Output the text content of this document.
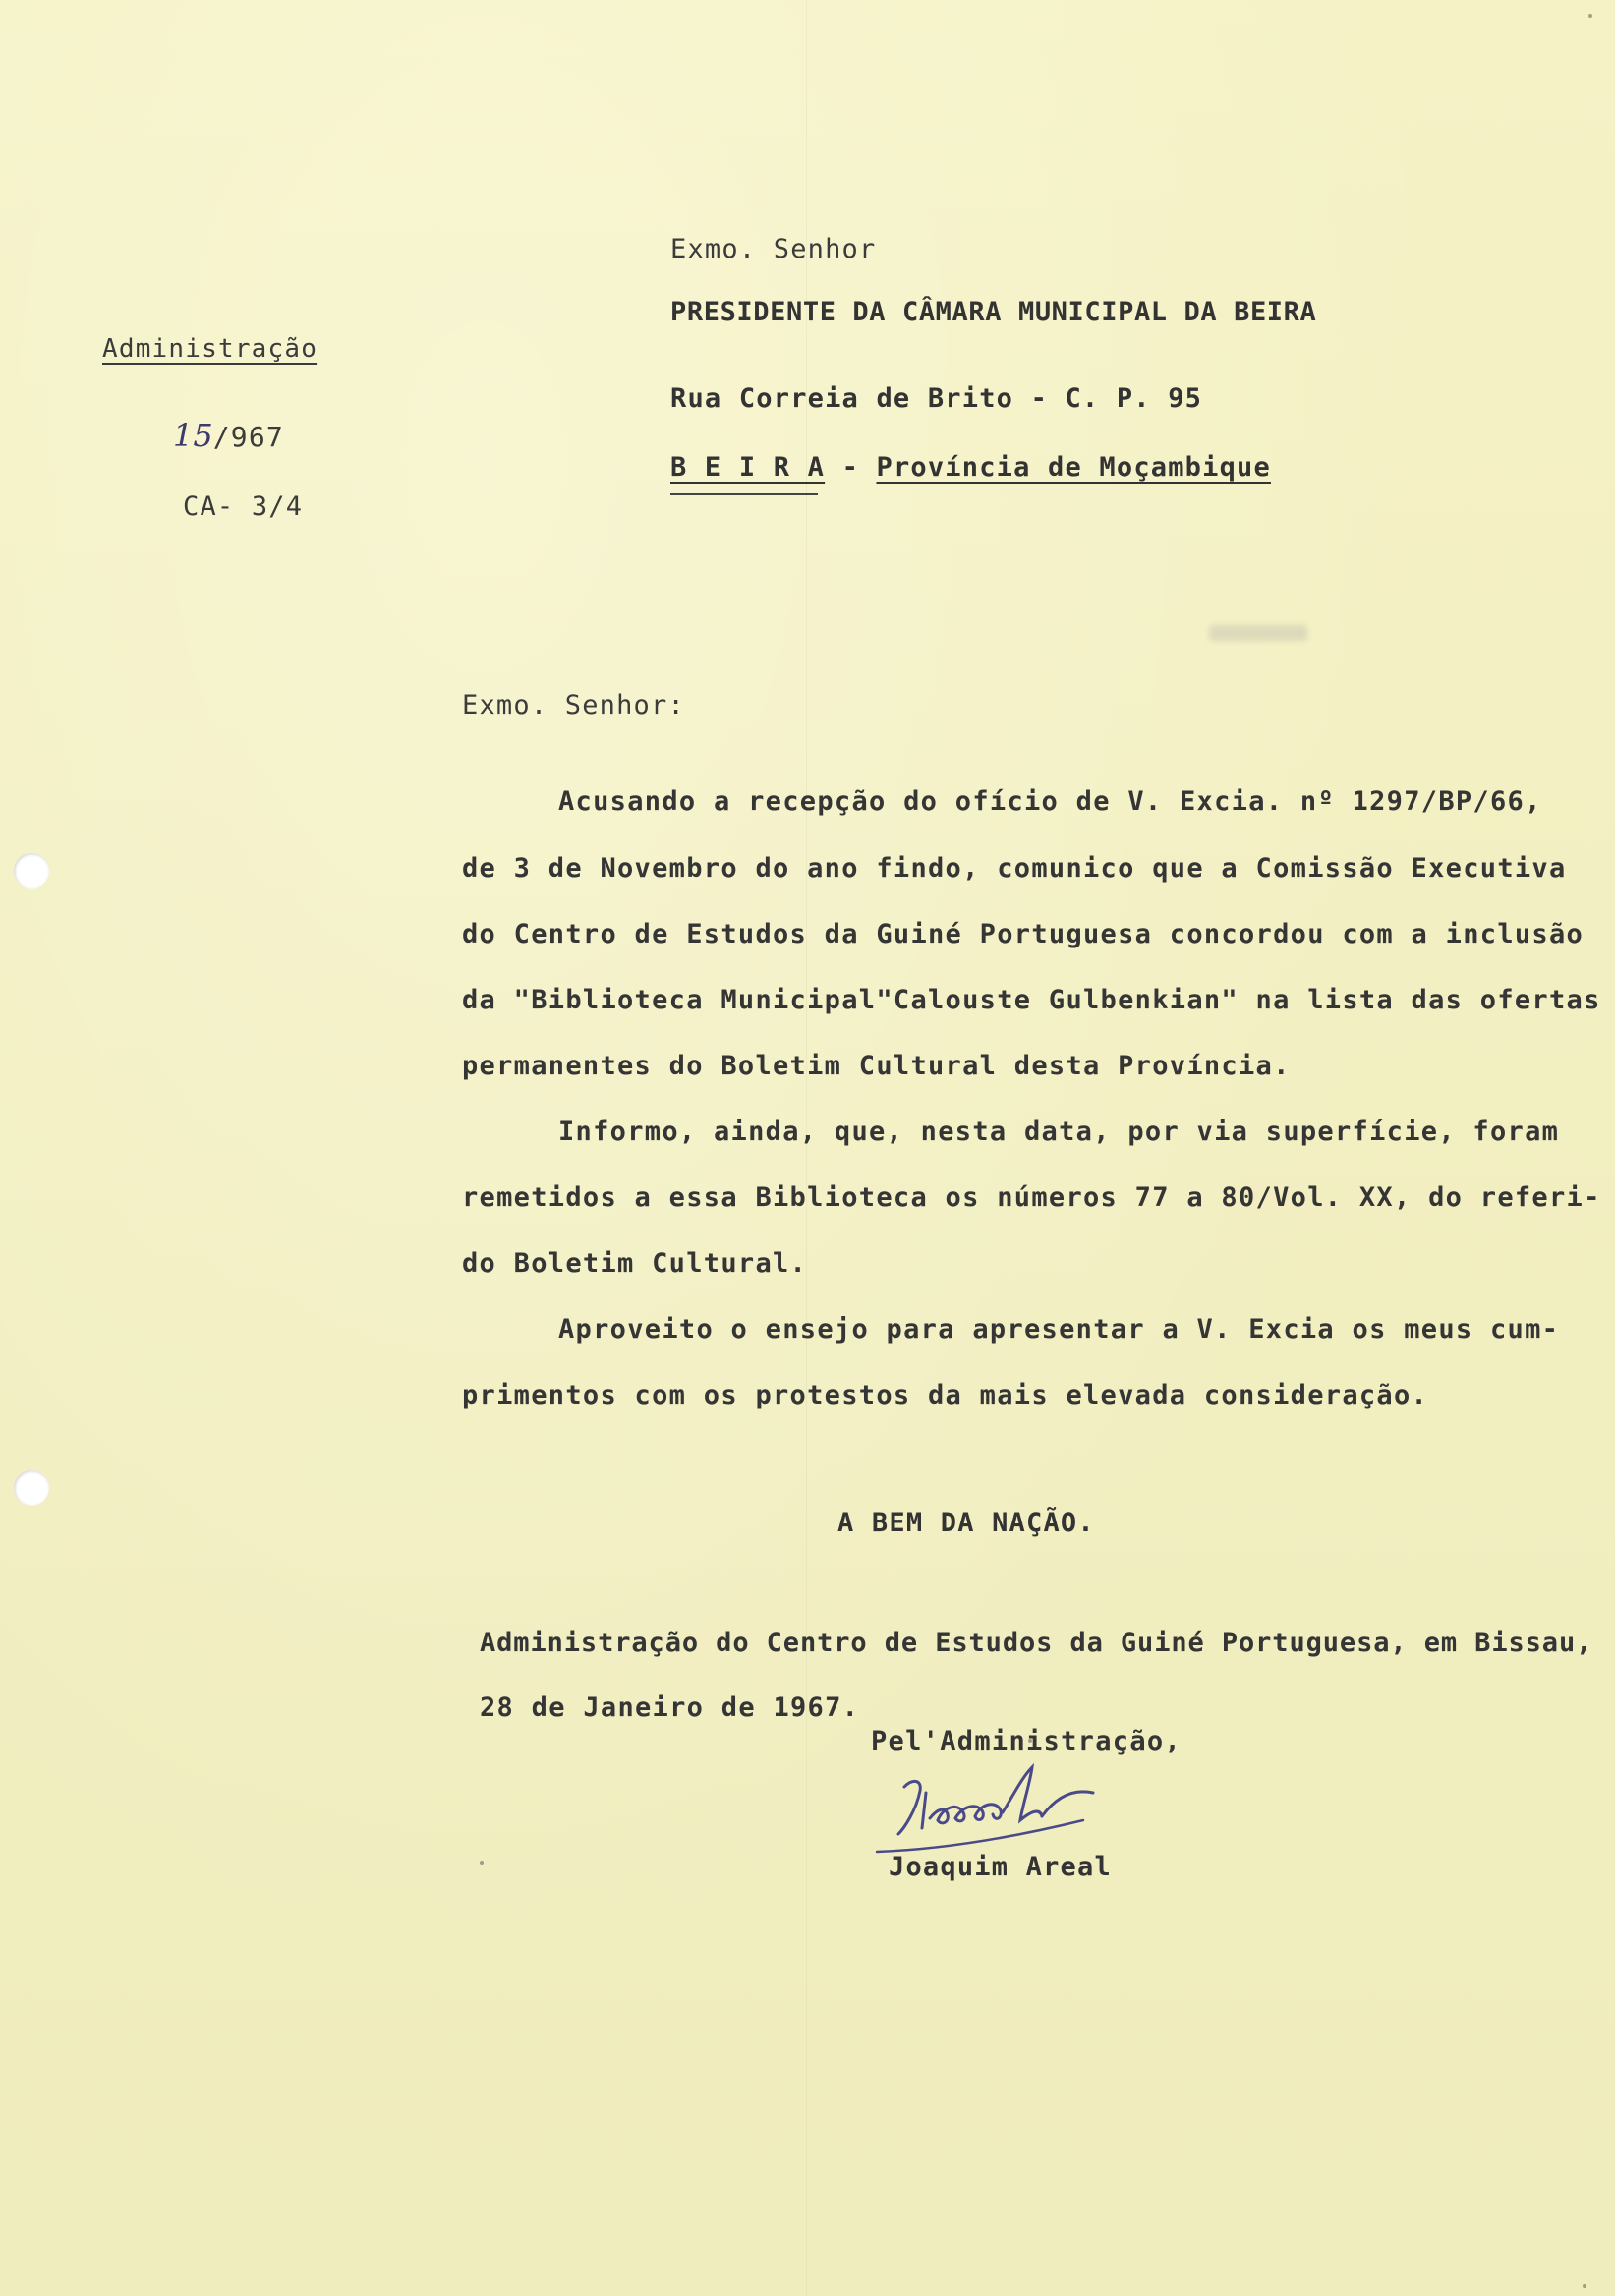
Exmo. Senhor
PRESIDENTE DA CÂMARA MUNICIPAL DA BEIRA
Rua Correia de Brito - C. P. 95
B E I R A - Província de Moçambique
Administração
15/967
CA- 3/4
Exmo. Senhor:
Acusando a recepção do ofício de V. Excia. nº 1297/BP/66,
de 3 de Novembro do ano findo, comunico que a Comissão Executiva
do Centro de Estudos da Guiné Portuguesa concordou com a inclusão
da "Biblioteca Municipal"Calouste Gulbenkian" na lista das ofertas
permanentes do Boletim Cultural desta Província.
Informo, ainda, que, nesta data, por via superfície, foram
remetidos a essa Biblioteca os números 77 a 80/Vol. XX, do referi-
do Boletim Cultural.
Aproveito o ensejo para apresentar a V. Excia os meus cum-
primentos com os protestos da mais elevada consideração.
A BEM DA NAÇÃO.
Administração do Centro de Estudos da Guiné Portuguesa, em Bissau,
28 de Janeiro de 1967.
Pel'Administração,
Joaquim Areal
